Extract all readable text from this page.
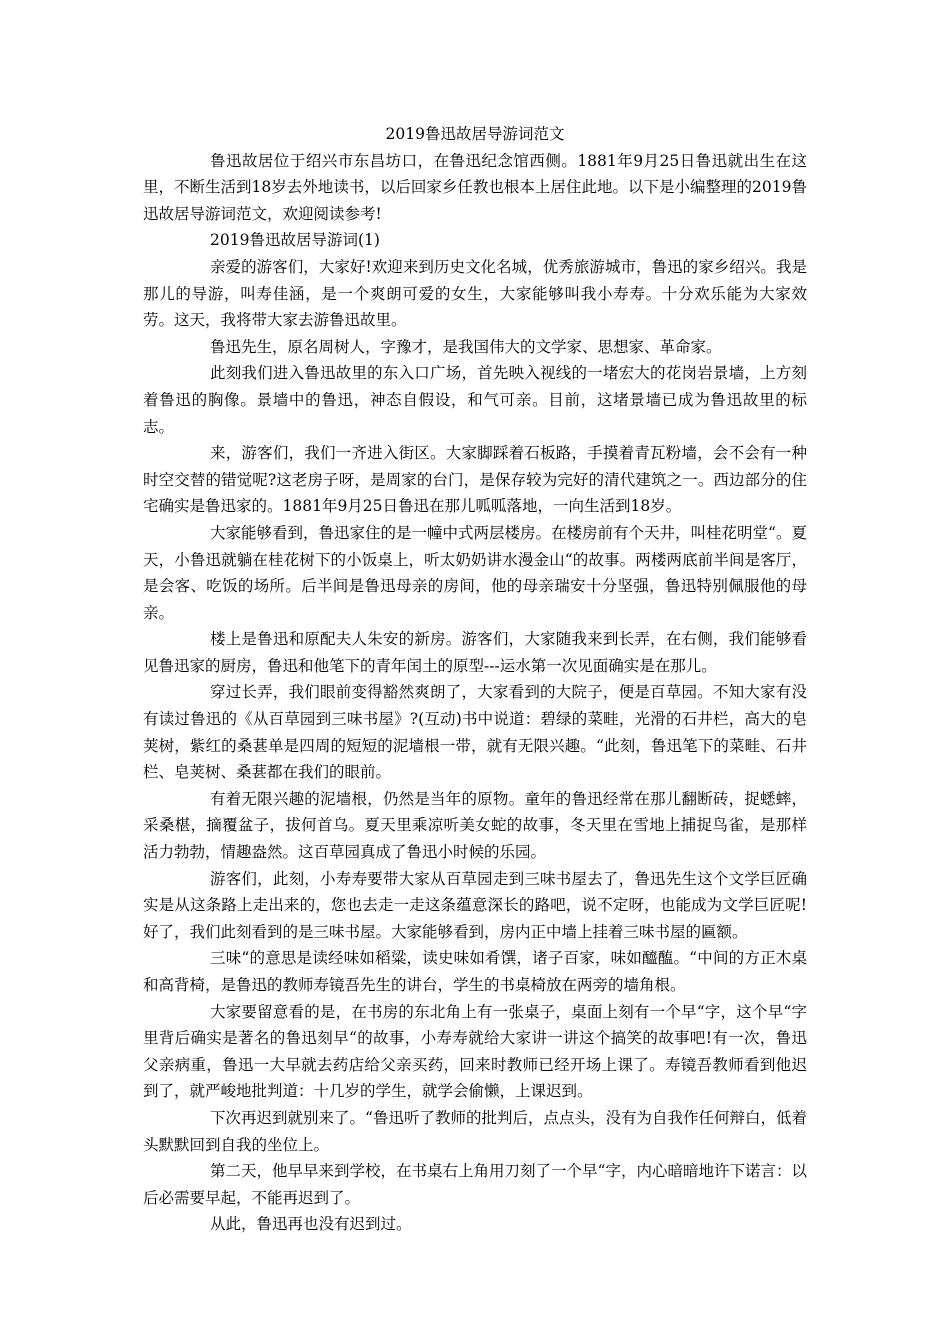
2019鲁迅故居导游词范文

鲁迅故居位于绍兴市东昌坊口，在鲁迅纪念馆西侧。1881年9月25日鲁迅就出生在这里，不断生活到18岁去外地读书，以后回家乡任教也根本上居住此地。以下是小编整理的2019鲁迅故居导游词范文，欢迎阅读参考!

2019鲁迅故居导游词(1)

亲爱的游客们，大家好!欢迎来到历史文化名城，优秀旅游城市，鲁迅的家乡绍兴。我是那儿的导游，叫寿佳涵，是一个爽朗可爱的女生，大家能够叫我小寿寿。十分欢乐能为大家效劳。这天，我将带大家去游鲁迅故里。

鲁迅先生，原名周树人，字豫才，是我国伟大的文学家、思想家、革命家。

此刻我们进入鲁迅故里的东入口广场，首先映入视线的一堵宏大的花岗岩景墙，上方刻着鲁迅的胸像。景墙中的鲁迅，神态自假设，和气可亲。目前，这堵景墙已成为鲁迅故里的标志。

来，游客们，我们一齐进入街区。大家脚踩着石板路，手摸着青瓦粉墙，会不会有一种时空交替的错觉呢?这老房子呀，是周家的台门，是保存较为完好的清代建筑之一。西边部分的住宅确实是鲁迅家的。1881年9月25日鲁迅在那儿呱呱落地，一向生活到18岁。

大家能够看到，鲁迅家住的是一幢中式两层楼房。在楼房前有个天井，叫桂花明堂“。夏天，小鲁迅就躺在桂花树下的小饭桌上，听太奶奶讲水漫金山“的故事。两楼两底前半间是客厅，是会客、吃饭的场所。后半间是鲁迅母亲的房间，他的母亲瑞安十分坚强，鲁迅特别佩服他的母亲。

楼上是鲁迅和原配夫人朱安的新房。游客们，大家随我来到长弄，在右侧，我们能够看见鲁迅家的厨房，鲁迅和他笔下的青年闰土的原型---运水第一次见面确实是在那儿。

穿过长弄，我们眼前变得豁然爽朗了，大家看到的大院子，便是百草园。不知大家有没有读过鲁迅的《从百草园到三味书屋》?(互动)书中说道：碧绿的菜畦，光滑的石井栏，高大的皂荚树，紫红的桑葚单是四周的短短的泥墙根一带，就有无限兴趣。“此刻，鲁迅笔下的菜畦、石井栏、皂荚树、桑葚都在我们的眼前。

有着无限兴趣的泥墙根，仍然是当年的原物。童年的鲁迅经常在那儿翻断砖，捉蟋蟀，采桑椹，摘覆盆子，拔何首乌。夏天里乘凉听美女蛇的故事，冬天里在雪地上捕捉鸟雀，是那样活力勃勃，情趣盎然。这百草园真成了鲁迅小时候的乐园。

游客们，此刻，小寿寿要带大家从百草园走到三味书屋去了，鲁迅先生这个文学巨匠确实是从这条路上走出来的，您也去走一走这条蕴意深长的路吧，说不定呀，也能成为文学巨匠呢!好了，我们此刻看到的是三味书屋。大家能够看到，房内正中墙上挂着三味书屋的匾额。

三味“的意思是读经味如稻粱，读史味如肴馔，诸子百家，味如醯醢。“中间的方正木桌和高背椅，是鲁迅的教师寿镜吾先生的讲台，学生的书桌椅放在两旁的墙角根。

大家要留意看的是，在书房的东北角上有一张桌子，桌面上刻有一个早“字，这个早“字里背后确实是著名的鲁迅刻早“的故事，小寿寿就给大家讲一讲这个搞笑的故事吧!有一次，鲁迅父亲病重，鲁迅一大早就去药店给父亲买药，回来时教师已经开场上课了。寿镜吾教师看到他迟到了，就严峻地批判道：十几岁的学生，就学会偷懒，上课迟到。

下次再迟到就别来了。“鲁迅听了教师的批判后，点点头，没有为自我作任何辩白，低着头默默回到自我的坐位上。

第二天，他早早来到学校，在书桌右上角用刀刻了一个早“字，内心暗暗地许下诺言：以后必需要早起，不能再迟到了。

从此，鲁迅再也没有迟到过。
